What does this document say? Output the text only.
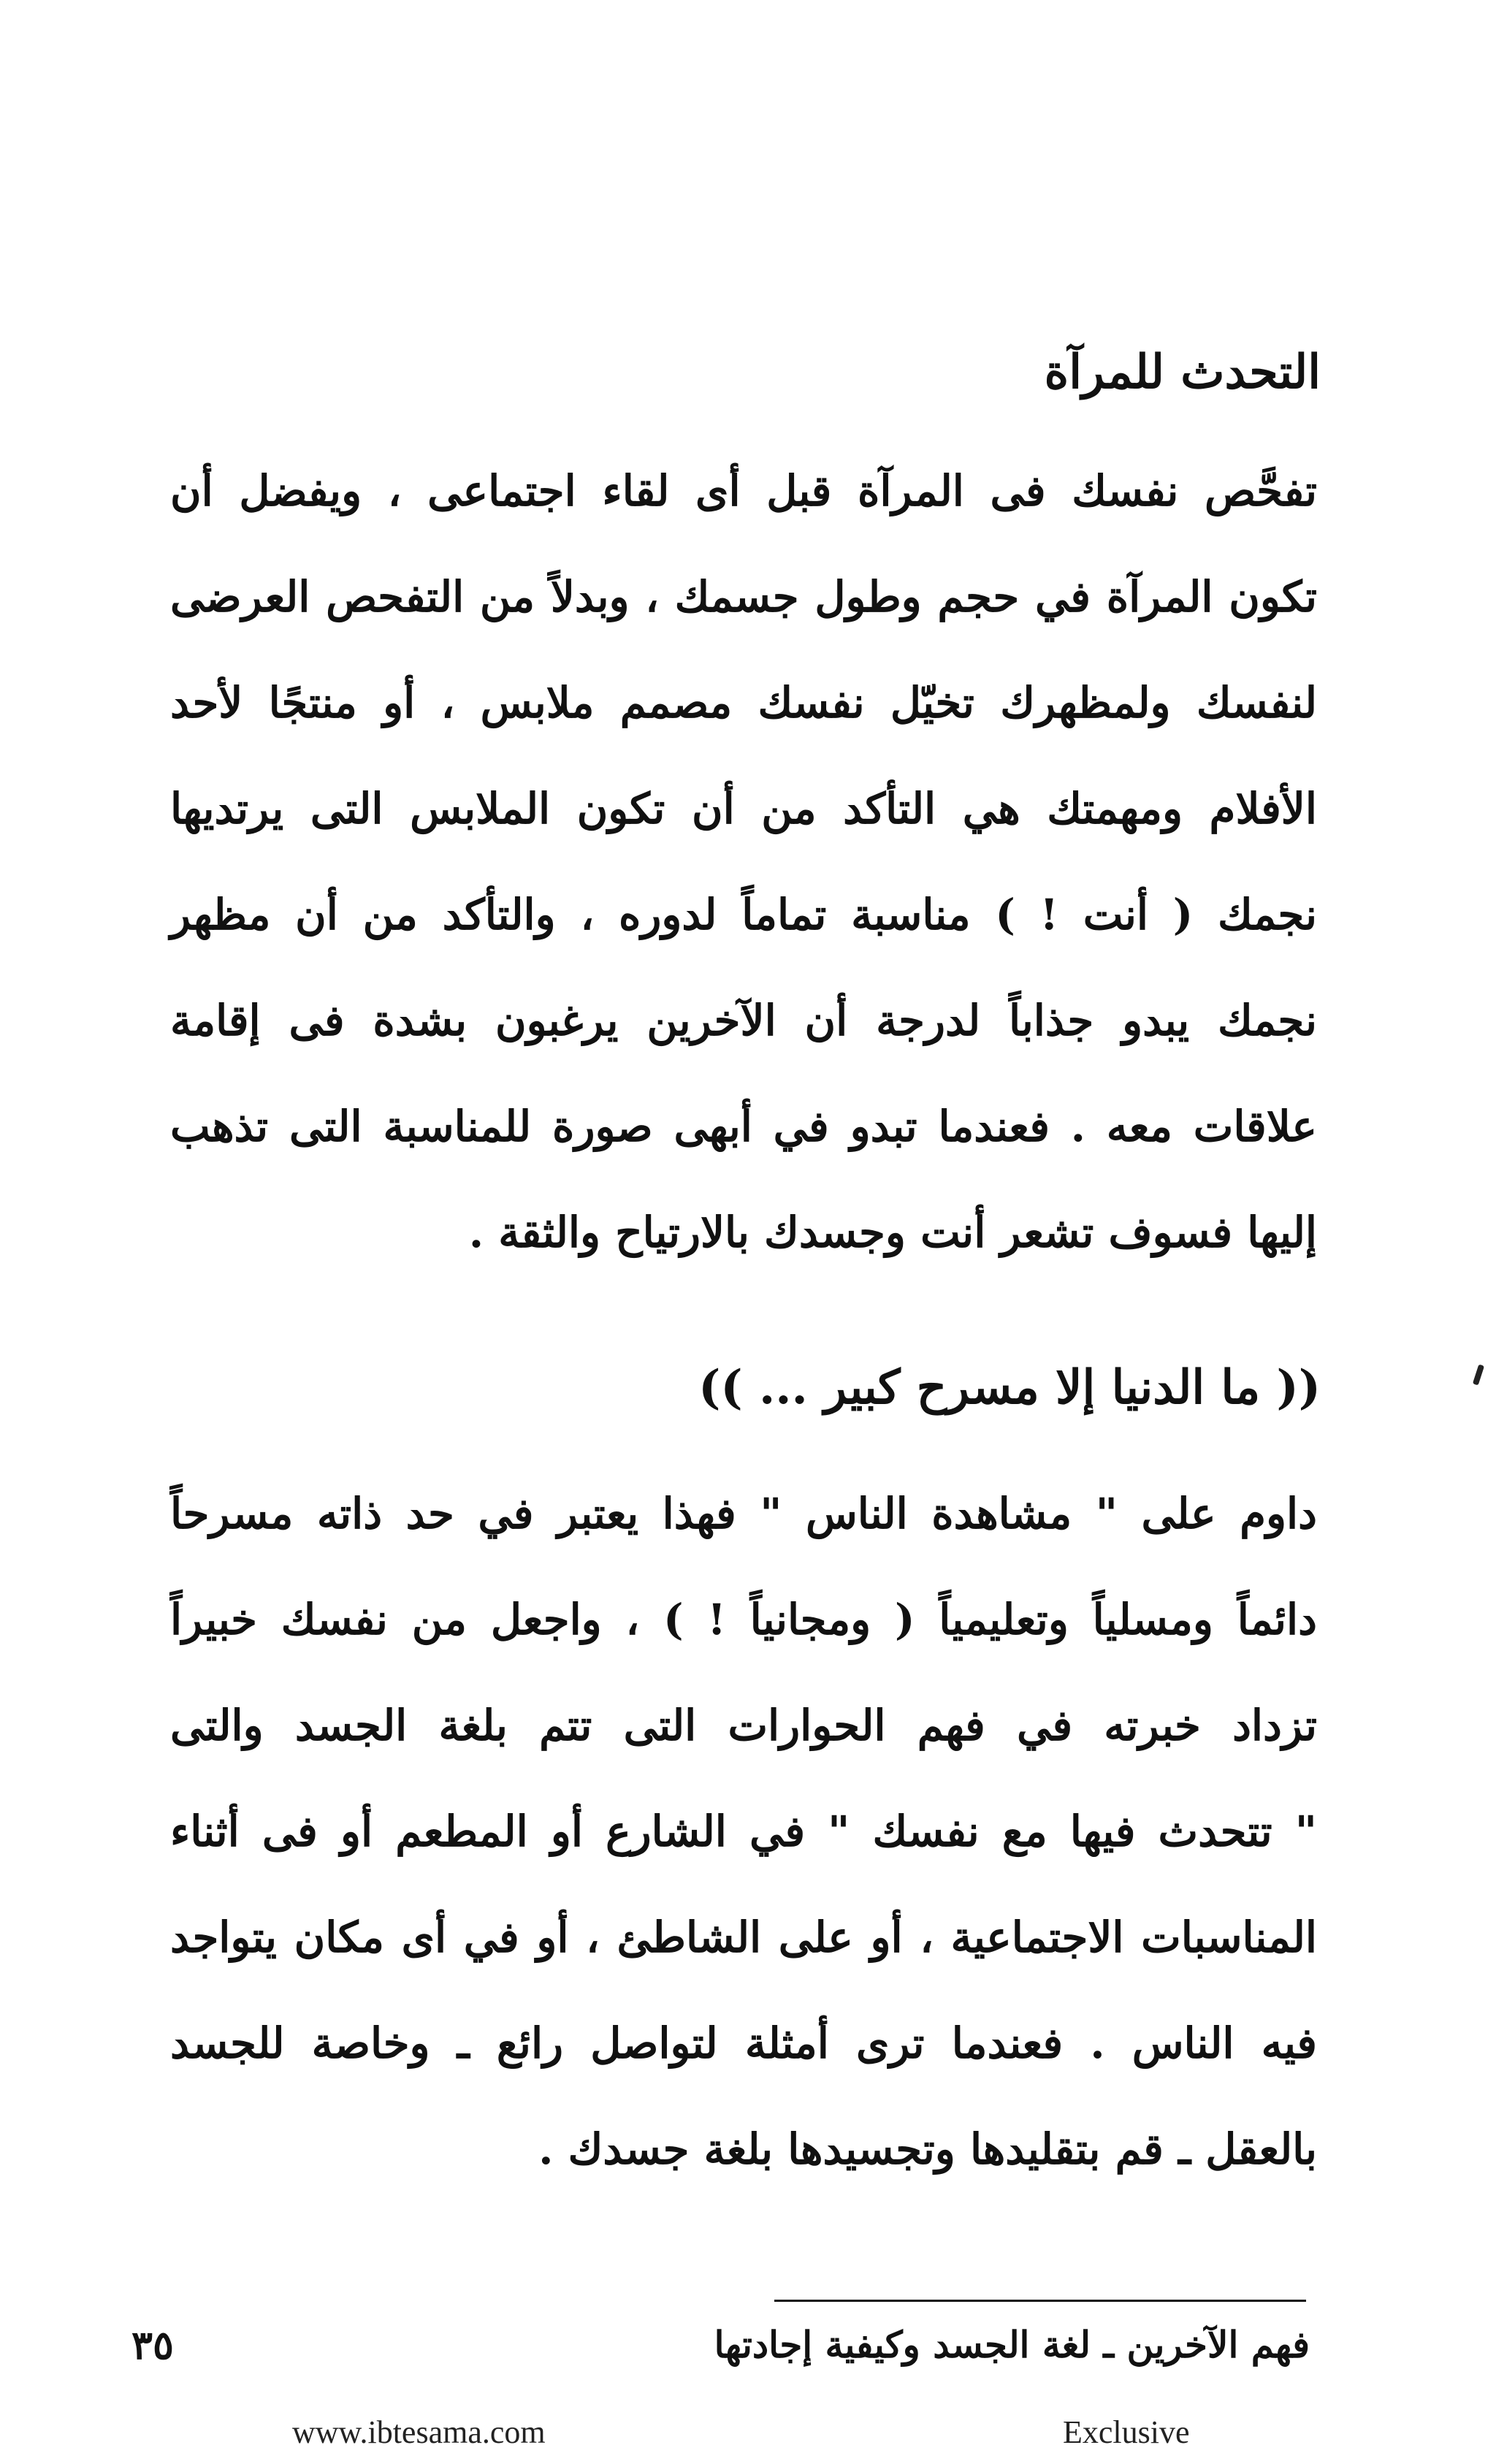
التحدث للمرآة
تفحَّص نفسك فى المرآة قبل أى لقاء اجتماعى ، ويفضل أن
تكون المرآة في حجم وطول جسمك ، وبدلاً من التفحص العرضى
لنفسك ولمظهرك تخيّل نفسك مصمم ملابس ، أو منتجًا لأحد
الأفلام ومهمتك هي التأكد من أن تكون الملابس التى يرتديها
نجمك ( أنت ! ) مناسبة تماماً لدوره ، والتأكد من أن مظهر
نجمك يبدو جذاباً لدرجة أن الآخرين يرغبون بشدة فى إقامة
علاقات معه . فعندما تبدو في أبهى صورة للمناسبة التى تذهب
إليها فسوف تشعر أنت وجسدك بالارتياح والثقة .
(( ما الدنيا إلا مسرح كبير ... ))
داوم على " مشاهدة الناس " فهذا يعتبر في حد ذاته مسرحاً
دائماً ومسلياً وتعليمياً ( ومجانياً ! ) ، واجعل من نفسك خبيراً
تزداد خبرته في فهم الحوارات التى تتم بلغة الجسد والتى
" تتحدث فيها مع نفسك " في الشارع أو المطعم أو فى أثناء
المناسبات الاجتماعية ، أو على الشاطئ ، أو في أى مكان يتواجد
فيه الناس . فعندما ترى أمثلة لتواصل رائع ـ وخاصة للجسد
بالعقل ـ قم بتقليدها وتجسيدها بلغة جسدك .
فهم الآخرين ـ لغة الجسد وكيفية إجادتها
٣٥
www.ibtesama.com	Exclusive
